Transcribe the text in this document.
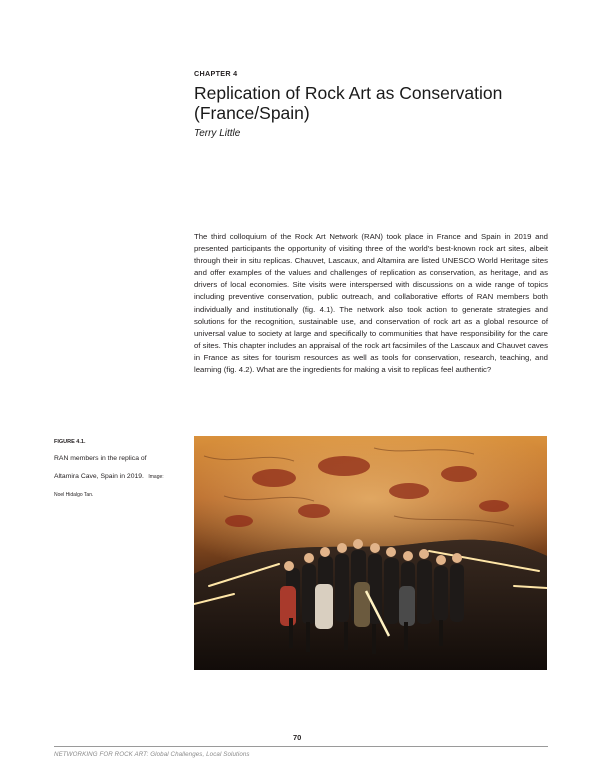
CHAPTER 4
Replication of Rock Art as Conservation (France/Spain)
Terry Little

The third colloquium of the Rock Art Network (RAN) took place in France and Spain in 2019 and presented participants the opportunity of visiting three of the world's best-known rock art sites, albeit through their in situ replicas. Chauvet, Lascaux, and Altamira are listed UNESCO World Heritage sites and offer examples of the values and challenges of replication as conservation, as heritage, and as drivers of local economies. Site visits were interspersed with discussions on a wide range of topics including preventive conservation, public outreach, and collaborative efforts of RAN members both individually and institutionally (fig. 4.1). The network also took action to generate strategies and solutions for the recognition, sustainable use, and conservation of rock art as a global resource of universal value to society at large and specifically to communities that have responsibility for the care of sites. This chapter includes an appraisal of the rock art facsimiles of the Lascaux and Chauvet caves in France as sites for tourism resources as well as tools for conservation, research, teaching, and learning (fig. 4.2). What are the ingredients for making a visit to replicas feel authentic?

FIGURE 4.1.
RAN members in the replica of Altamira Cave, Spain in 2019. Image: Noel Hidalgo Tan.
70
NETWORKING FOR ROCK ART: Global Challenges, Local Solutions
